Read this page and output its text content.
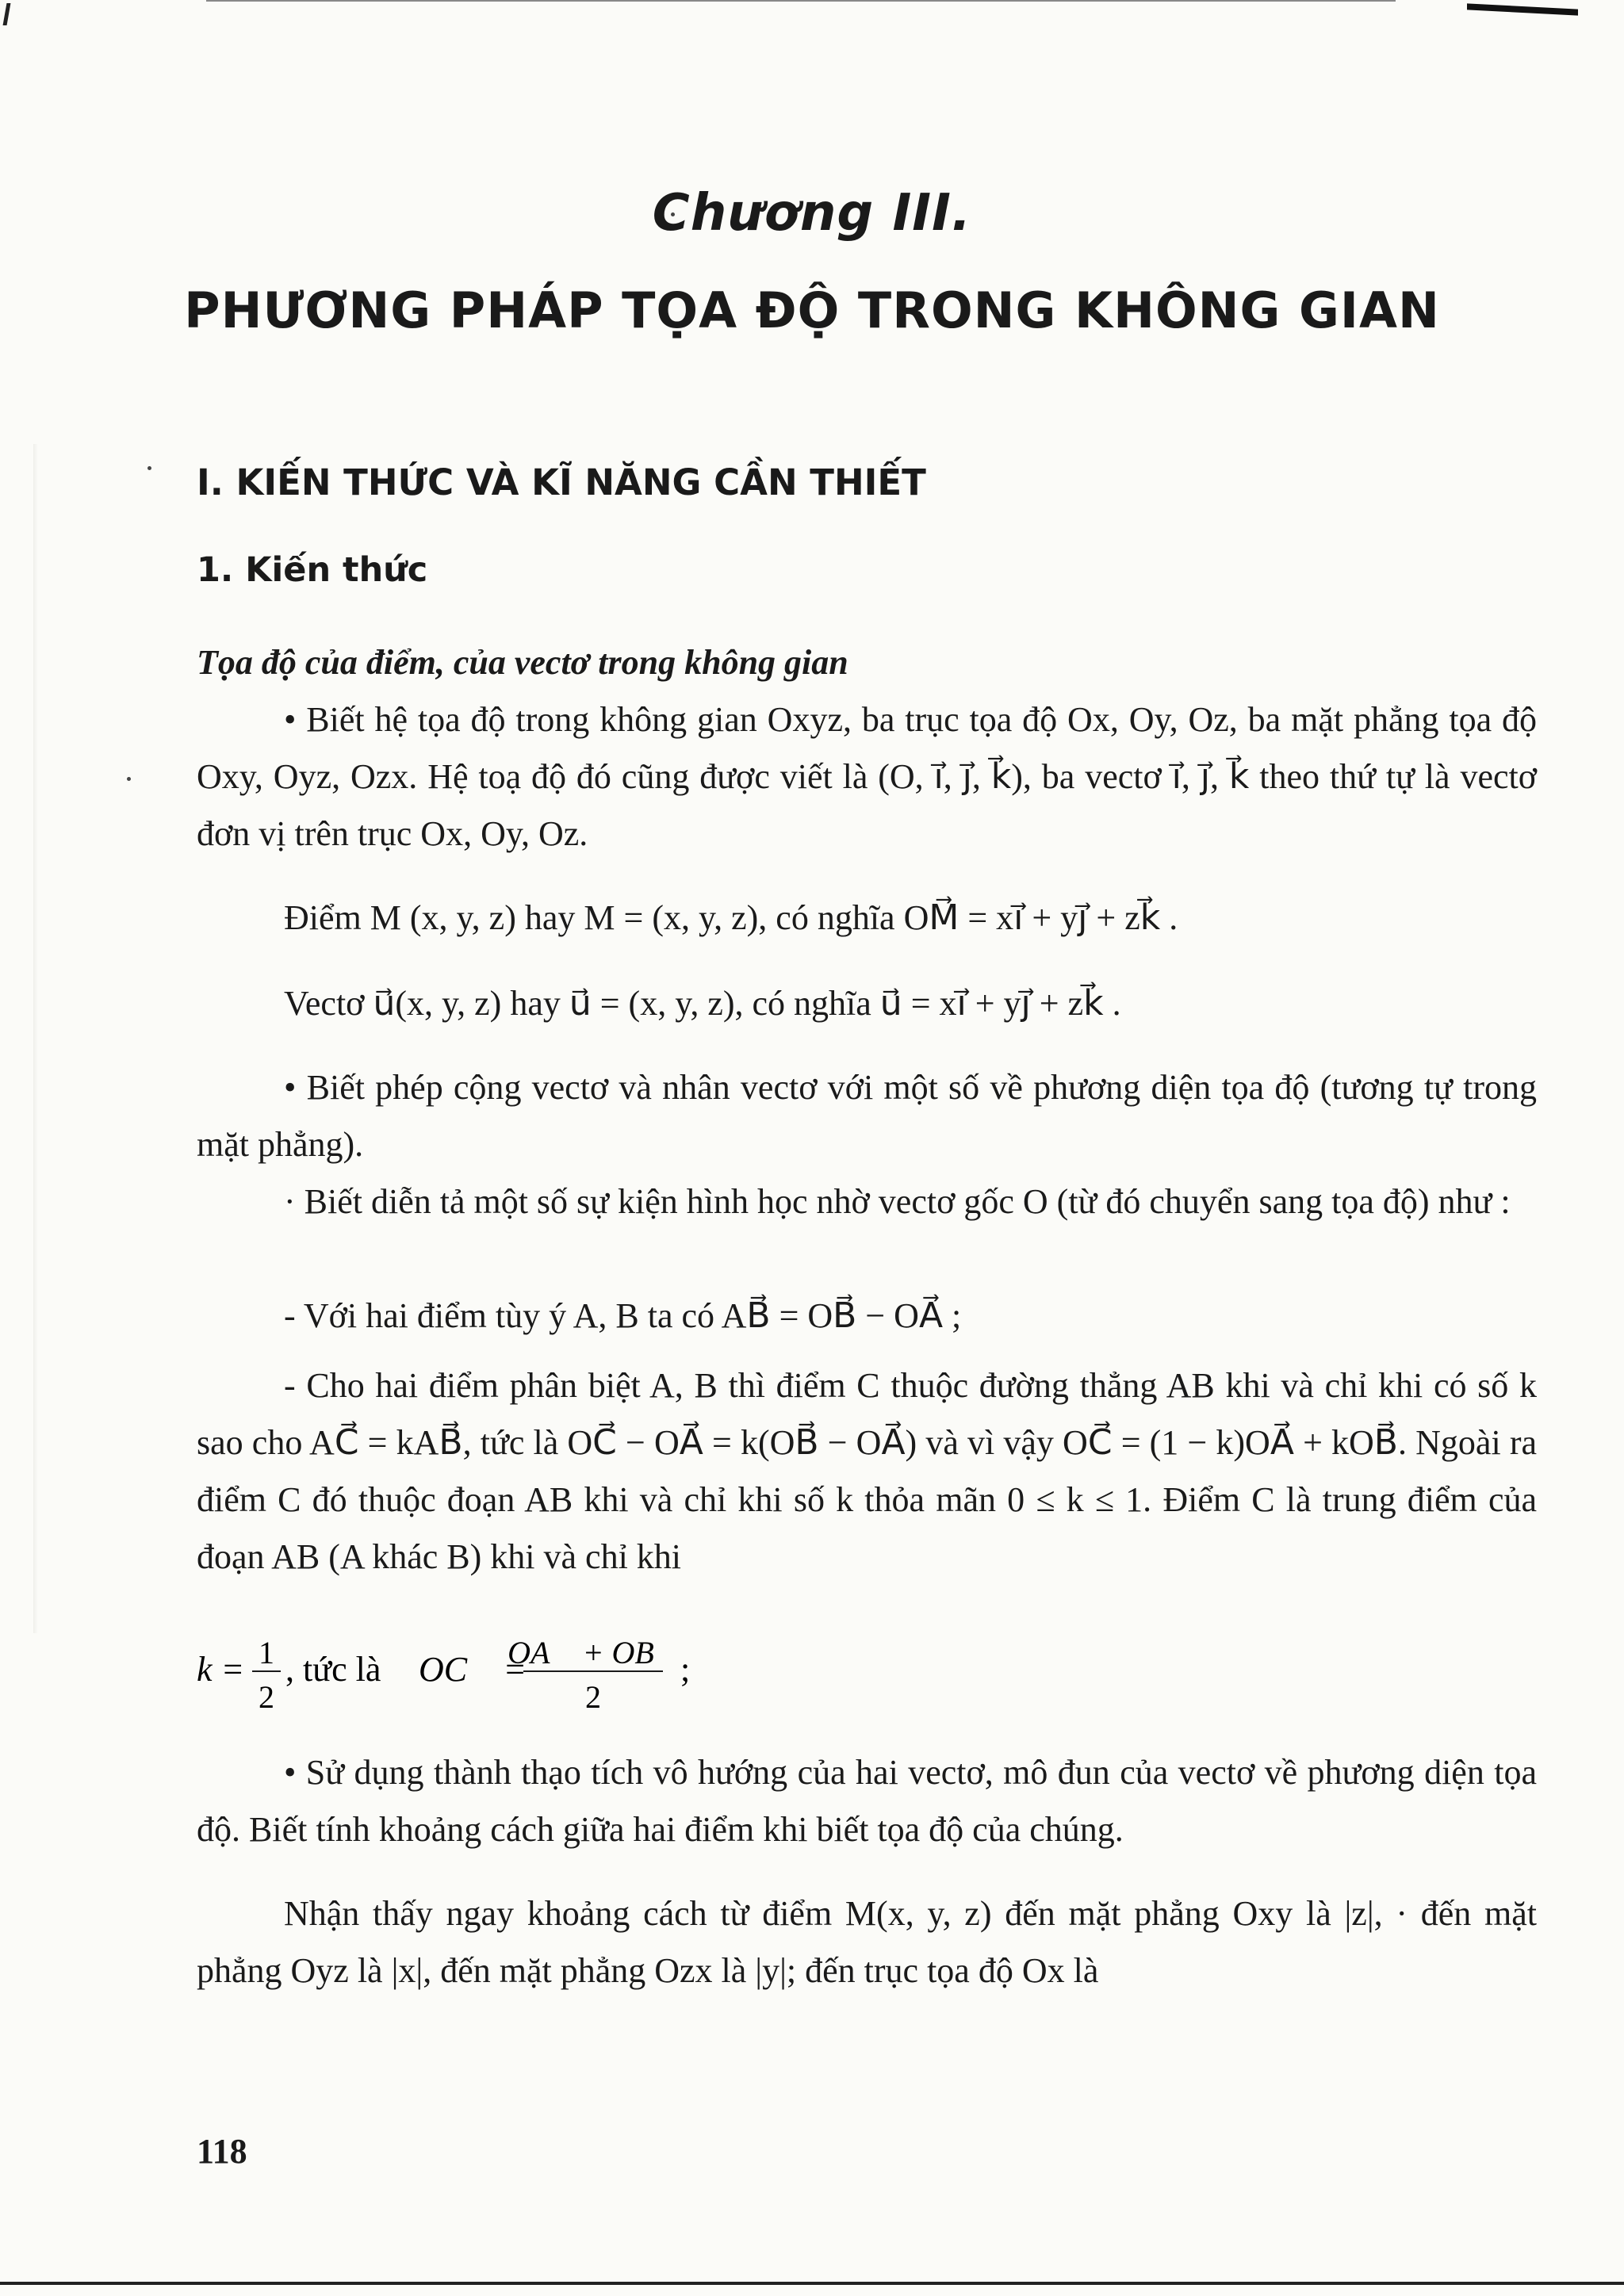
Chương III.
PHƯƠNG PHÁP TỌA ĐỘ TRONG KHÔNG GIAN
I. KIẾN THỨC VÀ KĨ NĂNG CẦN THIẾT
1. Kiến thức

Tọa độ của điểm, của vectơ trong không gian

• Biết hệ tọa độ trong không gian Oxyz, ba trục tọa độ Ox, Oy, Oz, ba mặt phẳng tọa độ Oxy, Oyz, Ozx. Hệ toạ độ đó cũng được viết là (O, i⃗, j⃗, k⃗), ba vectơ i⃗, j⃗, k⃗ theo thứ tự là vectơ đơn vị trên trục Ox, Oy, Oz.

Điểm M (x, y, z) hay M = (x, y, z), có nghĩa OM⃗ = xi⃗ + yj⃗ + zk⃗ .
Vectơ u⃗(x, y, z) hay u⃗ = (x, y, z), có nghĩa u⃗ = xi⃗ + yj⃗ + zk⃗ .

• Biết phép cộng vectơ và nhân vectơ với một số về phương diện tọa độ (tương tự trong mặt phẳng).

· Biết diễn tả một số sự kiện hình học nhờ vectơ gốc O (từ đó chuyển sang tọa độ) như :

- Với hai điểm tùy ý A, B ta có AB⃗ = OB⃗ − OA⃗ ;

- Cho hai điểm phân biệt A, B thì điểm C thuộc đường thẳng AB khi và chỉ khi có số k sao cho AC⃗ = kAB⃗, tức là OC⃗ − OA⃗ = k(OB⃗ − OA⃗) và vì vậy OC⃗ = (1 − k)OA⃗ + kOB⃗. Ngoài ra điểm C đó thuộc đoạn AB khi và chỉ khi số k thỏa mãn 0 ≤ k ≤ 1. Điểm C là trung điểm của đoạn AB (A khác B) khi và chỉ khi

k = 1
2
, tức là OC⃗ =
OA⃗ + OB⃗
2
;

• Sử dụng thành thạo tích vô hướng của hai vectơ, mô đun của vectơ về phương diện tọa độ. Biết tính khoảng cách giữa hai điểm khi biết tọa độ của chúng.

Nhận thấy ngay khoảng cách từ điểm M(x, y, z) đến mặt phẳng Oxy là |z|, · đến mặt phẳng Oyz là |x|, đến mặt phẳng Ozx là |y|; đến trục tọa độ Ox là

118
